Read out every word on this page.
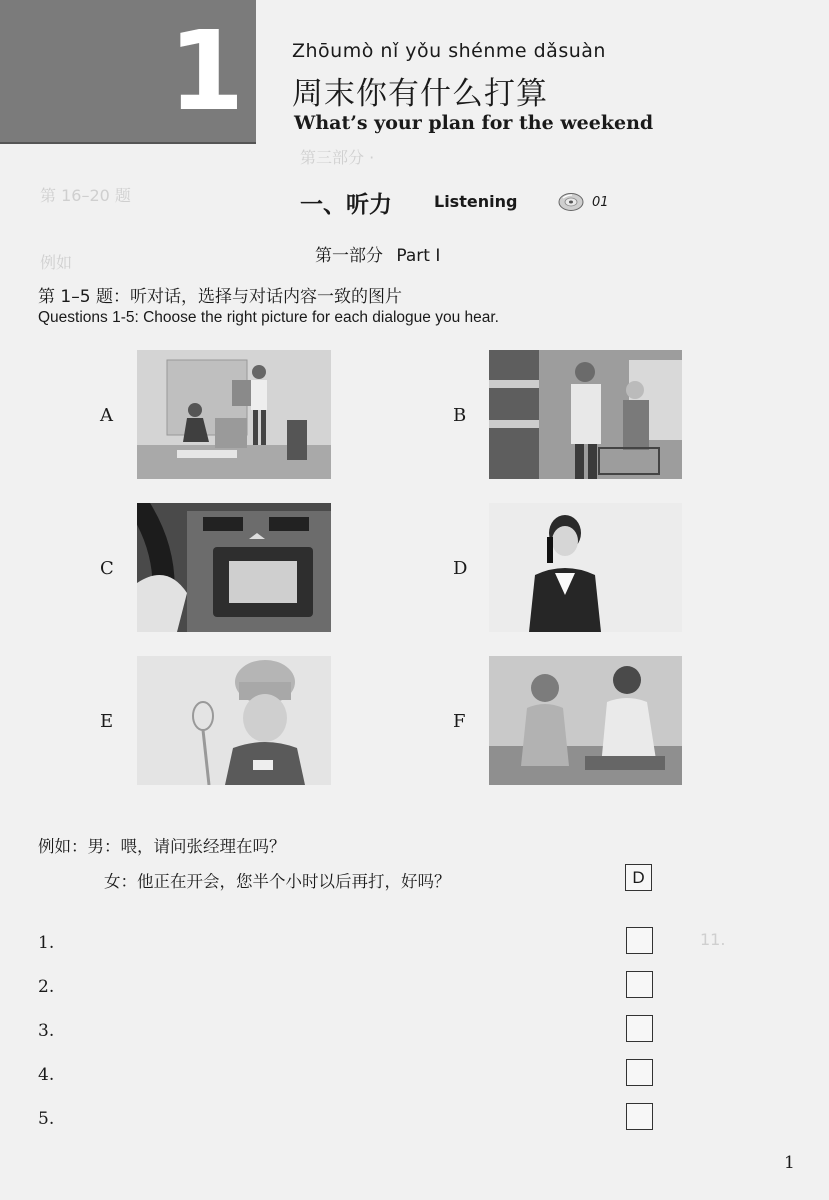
第三部分 ·
第 16–20 题
例如
11.
1 Zhōumò nǐ yǒu shénme dǎsuàn
周末你有什么打算
What’s your plan for the weekend
一、听力	Listening	01
第一部分 Part Ⅰ
第 1–5 题：听对话，选择与对话内容一致的图片
Questions 1-5: Choose the right picture for each dialogue you hear.
A	B
C	D
E	F
例如：男：喂，请问张经理在吗？
女：他正在开会，您半个小时以后再打，好吗？	D
1.
2.
3.
4.
5.
1
